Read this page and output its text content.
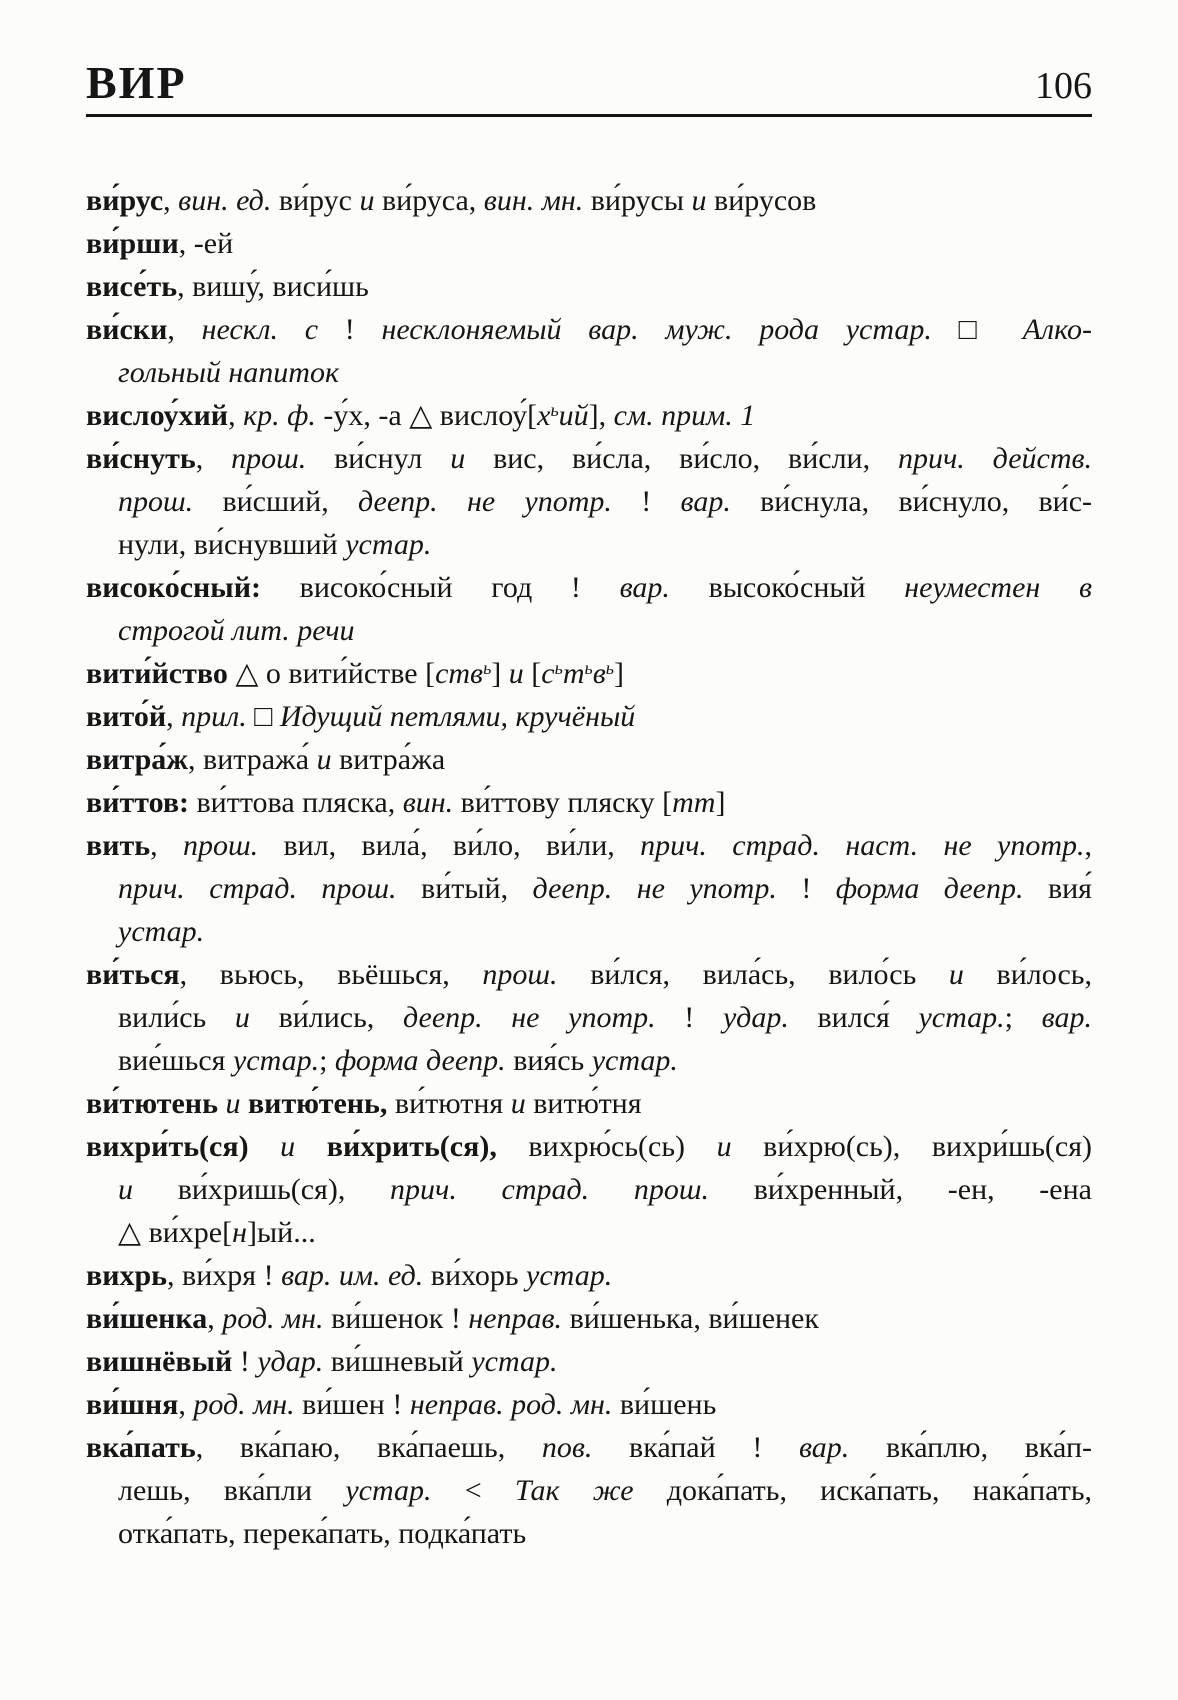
ВИР	106
ви́рус, вин. ед. ви́рус и ви́руса, вин. мн. ви́русы и ви́русов
ви́рши, -ей
висе́ть, вишу́, виси́шь
ви́ски, нескл. с ! несклоняемый вар. муж. рода устар. □ Алко-
гольный напиток
вислоу́хий, кр. ф. -у́х, -а △ $вислоу́[х^ьий]$, см. прим. 1
ви́снуть, прош. ви́снул и вис, ви́сла, ви́сло, ви́сли, прич. действ.
прош. ви́сший, деепр. не употр. ! вар. ви́снула, ви́снуло, ви́с-
нули, ви́снувший устар.
високо́сный: високо́сный год ! вар. высоко́сный неуместен в
строгой лит. речи
вити́йство △ о вити́йстве [ств$^ь$] и $[с^ьт^ьв^ь]$
вито́й, прил. □ Идущий петлями, кручёный
витра́ж, витража́ и витра́жа
ви́ттов: ви́ттова пляска, вин. ви́ттову пляску [тт]
вить, прош. вил, вила́, ви́ло, ви́ли, прич. страд. наст. не употр.,
прич. страд. прош. ви́тый, деепр. не употр. ! форма деепр. вия́
устар.
ви́ться, вьюсь, вьёшься, прош. ви́лся, вила́сь, вило́сь и ви́лось,
вили́сь и ви́лись, деепр. не употр. ! удар. вился́ устар.; вар.
вие́шься устар.; форма деепр. вия́сь устар.
ви́тютень и витю́тень, ви́тютня и витю́тня
вихри́ть(ся) и ви́хрить(ся), вихрю́сь(сь) и ви́хрю(сь), вихри́шь(ся)
и ви́хришь(ся), прич. страд. прош. ви́хренный, -ен, -ена
△ ви́хре[н]ый...
вихрь, ви́хря ! вар. им. ед. ви́хорь устар.
ви́шенка, род. мн. ви́шенок ! неправ. ви́шенька, ви́шенек
вишнёвый ! удар. ви́шневый устар.
ви́шня, род. мн. ви́шен ! неправ. род. мн. ви́шень
вка́пать, вка́паю, вка́паешь, пов. вка́пай ! вар. вка́плю, вка́п-
лешь, вка́пли устар. < Так же дока́пать, иска́пать, нака́пать,
отка́пать, перека́пать, подка́пать
